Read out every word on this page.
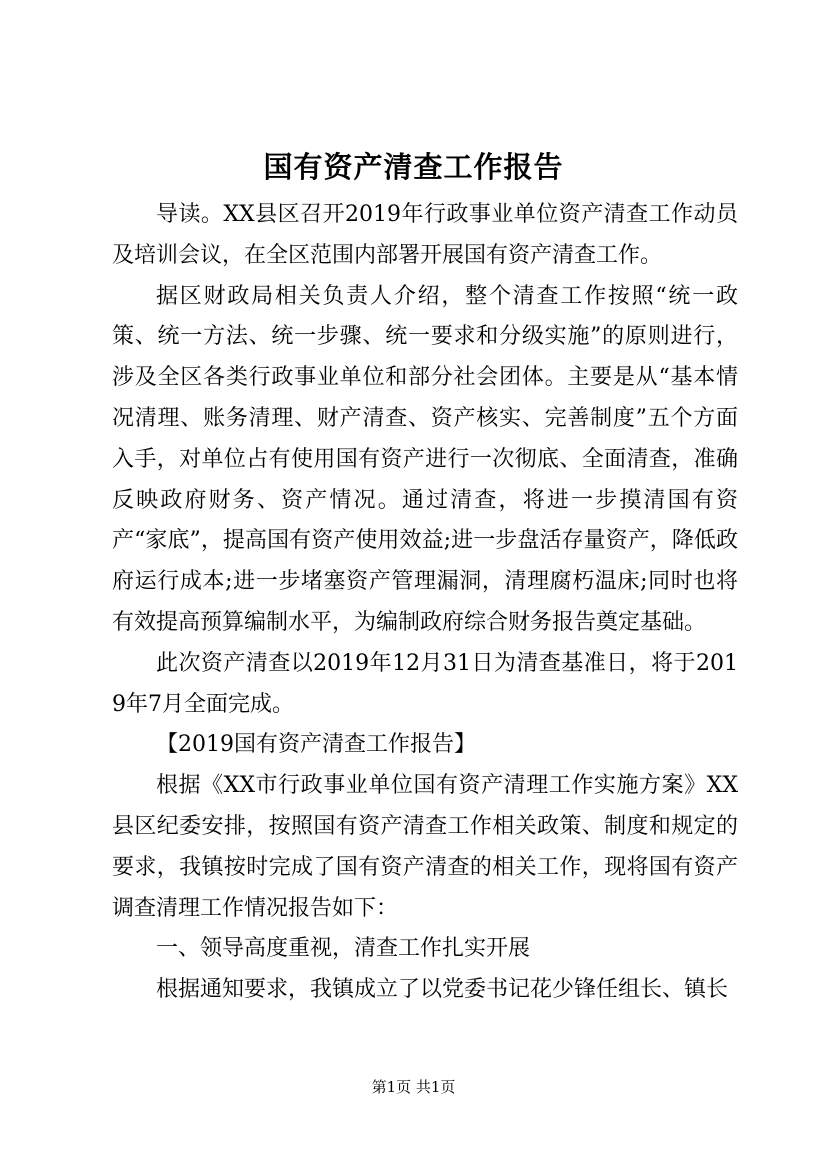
国有资产清查工作报告

导读。XX县区召开2019年行政事业单位资产清查工作动员及培训会议，在全区范围内部署开展国有资产清查工作。

据区财政局相关负责人介绍，整个清查工作按照“统一政策、统一方法、统一步骤、统一要求和分级实施”的原则进行，涉及全区各类行政事业单位和部分社会团体。主要是从“基本情况清理、账务清理、财产清查、资产核实、完善制度”五个方面入手，对单位占有使用国有资产进行一次彻底、全面清查，准确反映政府财务、资产情况。通过清查，将进一步摸清国有资产“家底”，提高国有资产使用效益;进一步盘活存量资产，降低政府运行成本;进一步堵塞资产管理漏洞，清理腐朽温床;同时也将有效提高预算编制水平，为编制政府综合财务报告奠定基础。

此次资产清查以2019年12月31日为清查基准日，将于2019年7月全面完成。

【2019国有资产清查工作报告】

根据《XX市行政事业单位国有资产清理工作实施方案》XX县区纪委安排，按照国有资产清查工作相关政策、制度和规定的要求，我镇按时完成了国有资产清查的相关工作，现将国有资产调查清理工作情况报告如下：

一、领导高度重视，清查工作扎实开展

根据通知要求，我镇成立了以党委书记花少锋任组长、镇长

第1页 共1页
